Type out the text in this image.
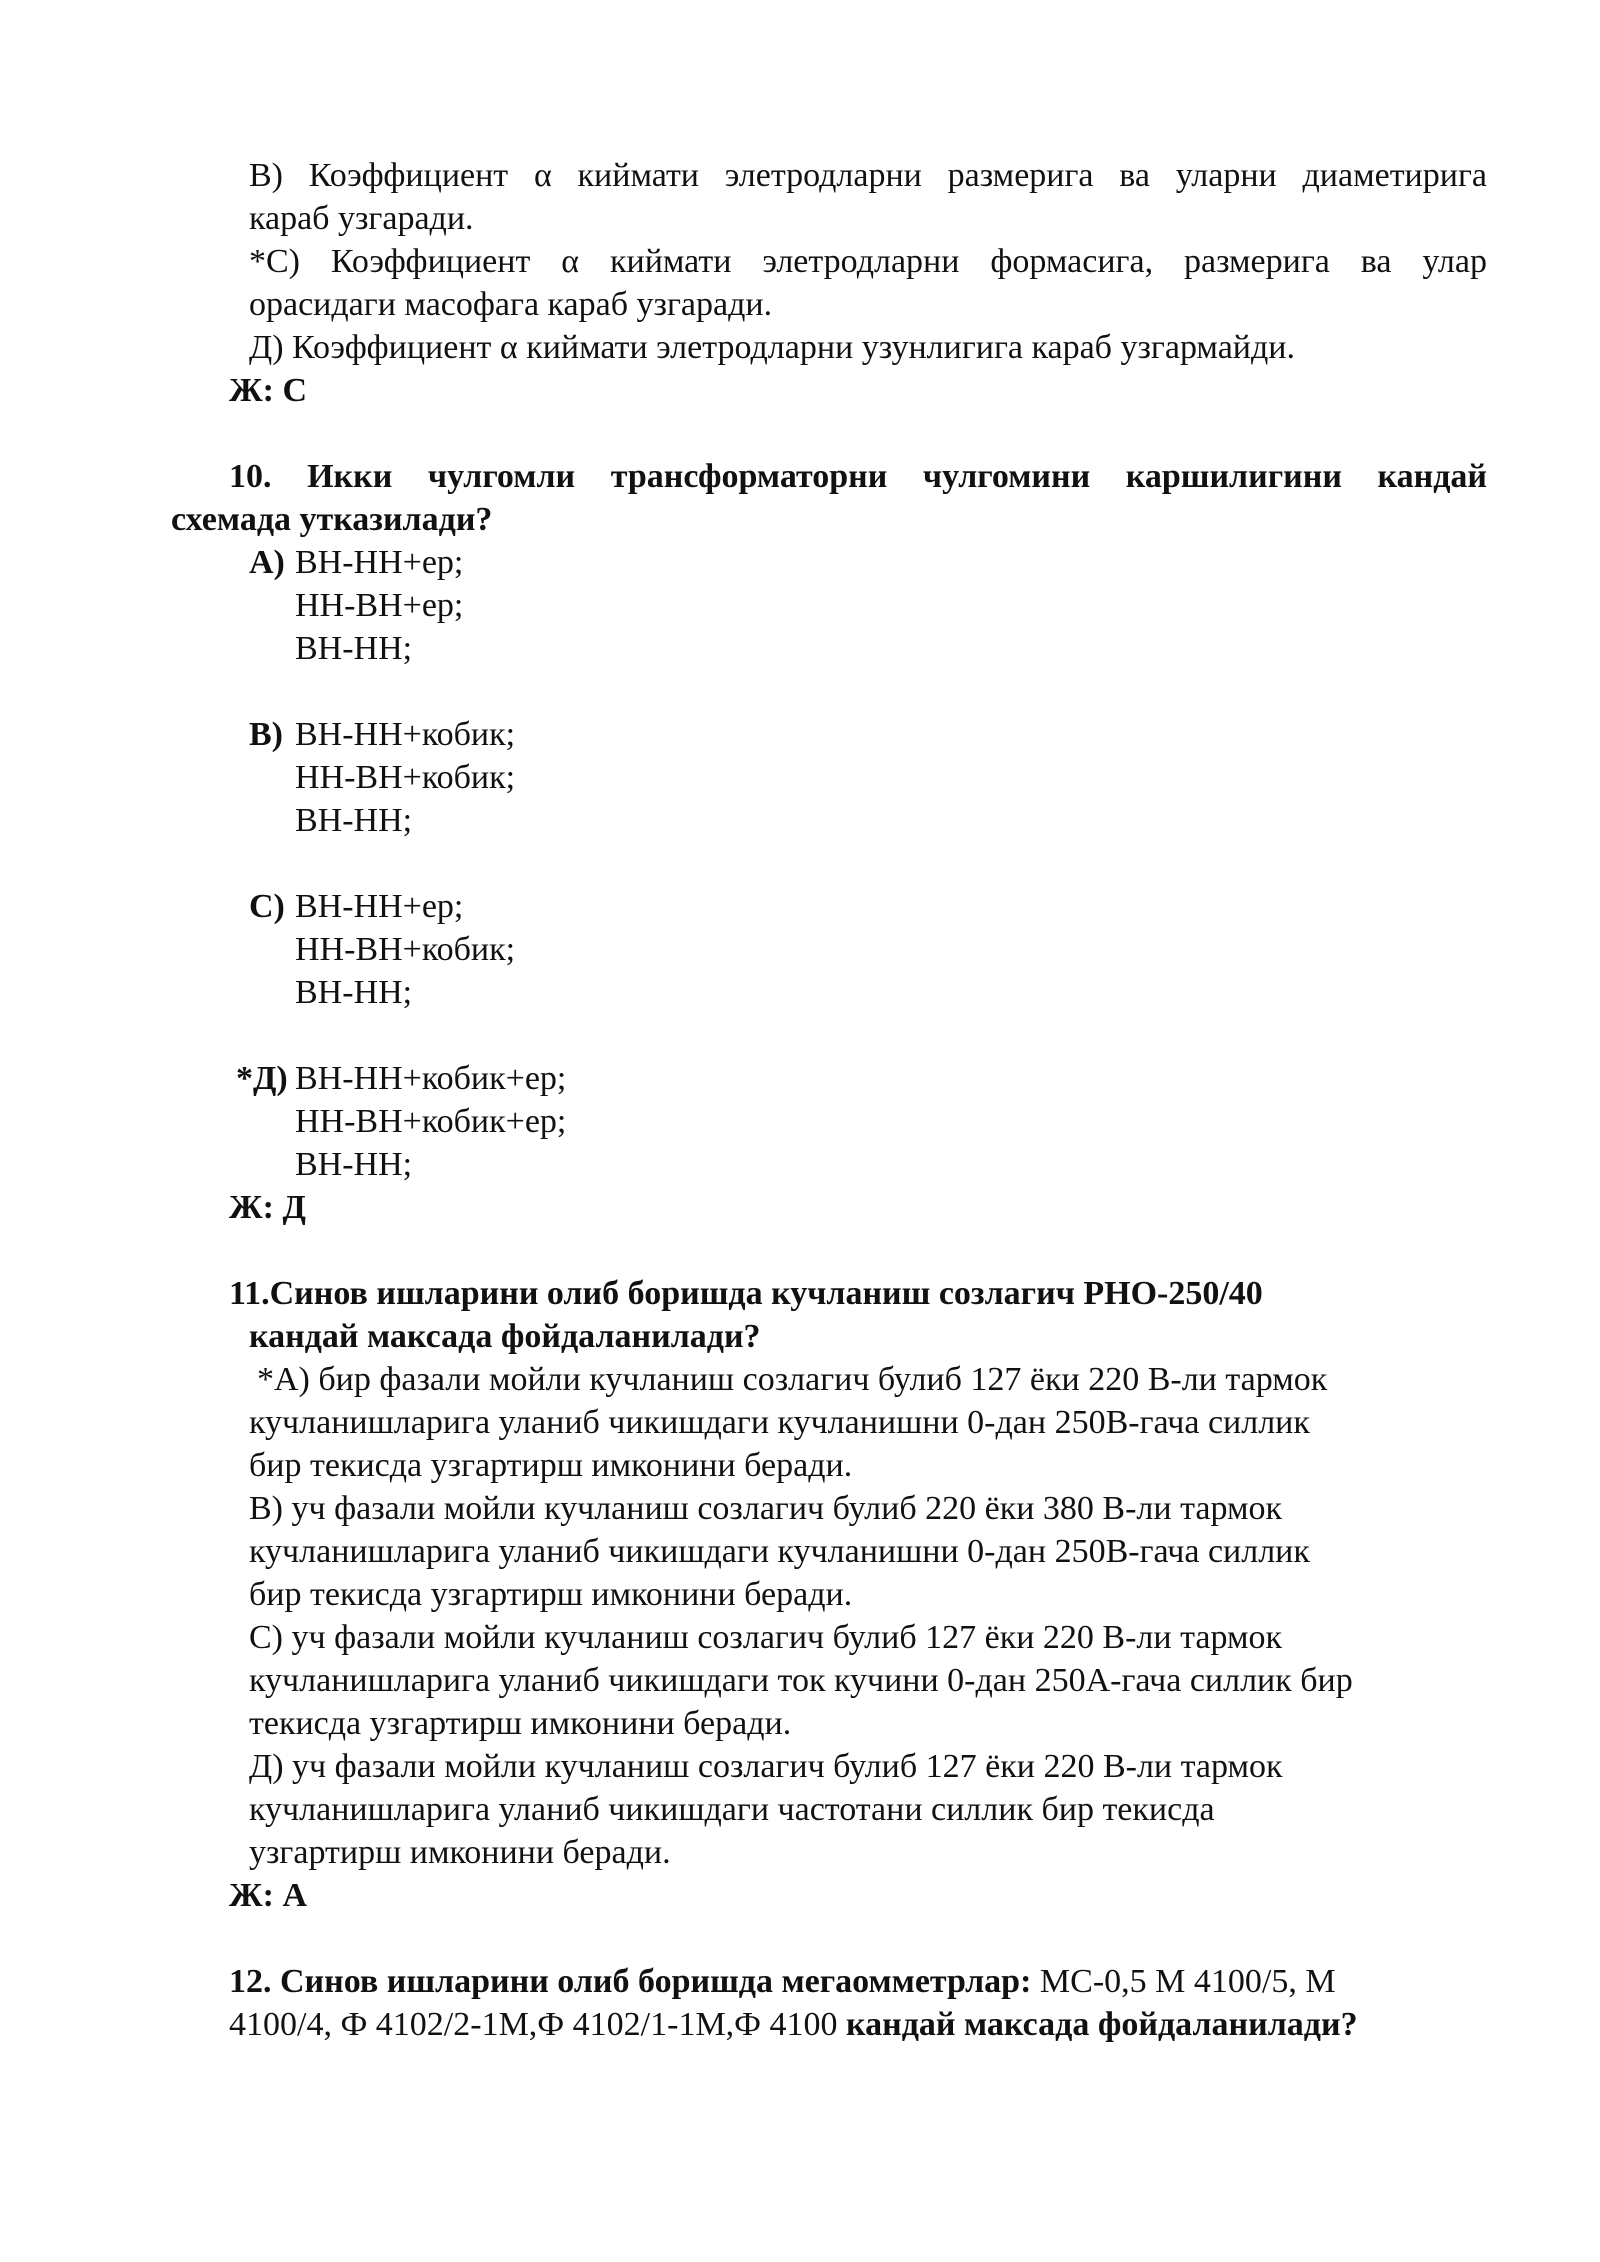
В) Коэффициент α киймати элетродларни размерига ва уларни диаметирига
караб узгаради.
*С) Коэффициент α киймати элетродларни формасига, размерига ва улар
орасидаги масофага караб узгаради.
Д) Коэффициент α киймати элетродларни узунлигига караб узгармайди.
Ж: С
10. Икки чулгомли трансформаторни чулгомини каршилигини кандай
схемада утказилади?
А) ВН-НН+ер;
НН-ВН+ер;
ВН-НН;
В) ВН-НН+кобик;
НН-ВН+кобик;
ВН-НН;
С) ВН-НН+ер;
НН-ВН+кобик;
ВН-НН;
*Д) ВН-НН+кобик+ер;
НН-ВН+кобик+ер;
ВН-НН;
Ж: Д
11.Синов ишларини олиб боришда кучланиш созлагич РНО-250/40
кандай максада фойдаланилади?
*А) бир фазали мойли кучланиш созлагич булиб 127 ёки 220 В-ли тармок
кучланишларига уланиб чикишдаги кучланишни 0-дан 250В-гача силлик
бир текисда узгартирш имконини беради.
В) уч фазали мойли кучланиш созлагич булиб 220 ёки 380 В-ли тармок
кучланишларига уланиб чикишдаги кучланишни 0-дан 250В-гача силлик
бир текисда узгартирш имконини беради.
С) уч фазали мойли кучланиш созлагич булиб 127 ёки 220 В-ли тармок
кучланишларига уланиб чикишдаги ток кучини 0-дан 250А-гача силлик бир
текисда узгартирш имконини беради.
Д) уч фазали мойли кучланиш созлагич булиб 127 ёки 220 В-ли тармок
кучланишларига уланиб чикишдаги частотани силлик бир текисда
узгартирш имконини беради.
Ж: А
12. Синов ишларини олиб боришда мегаомметрлар: МС-0,5 М 4100/5, М
4100/4, Ф 4102/2-1М,Ф 4102/1-1М,Ф 4100 кандай максада фойдаланилади?
